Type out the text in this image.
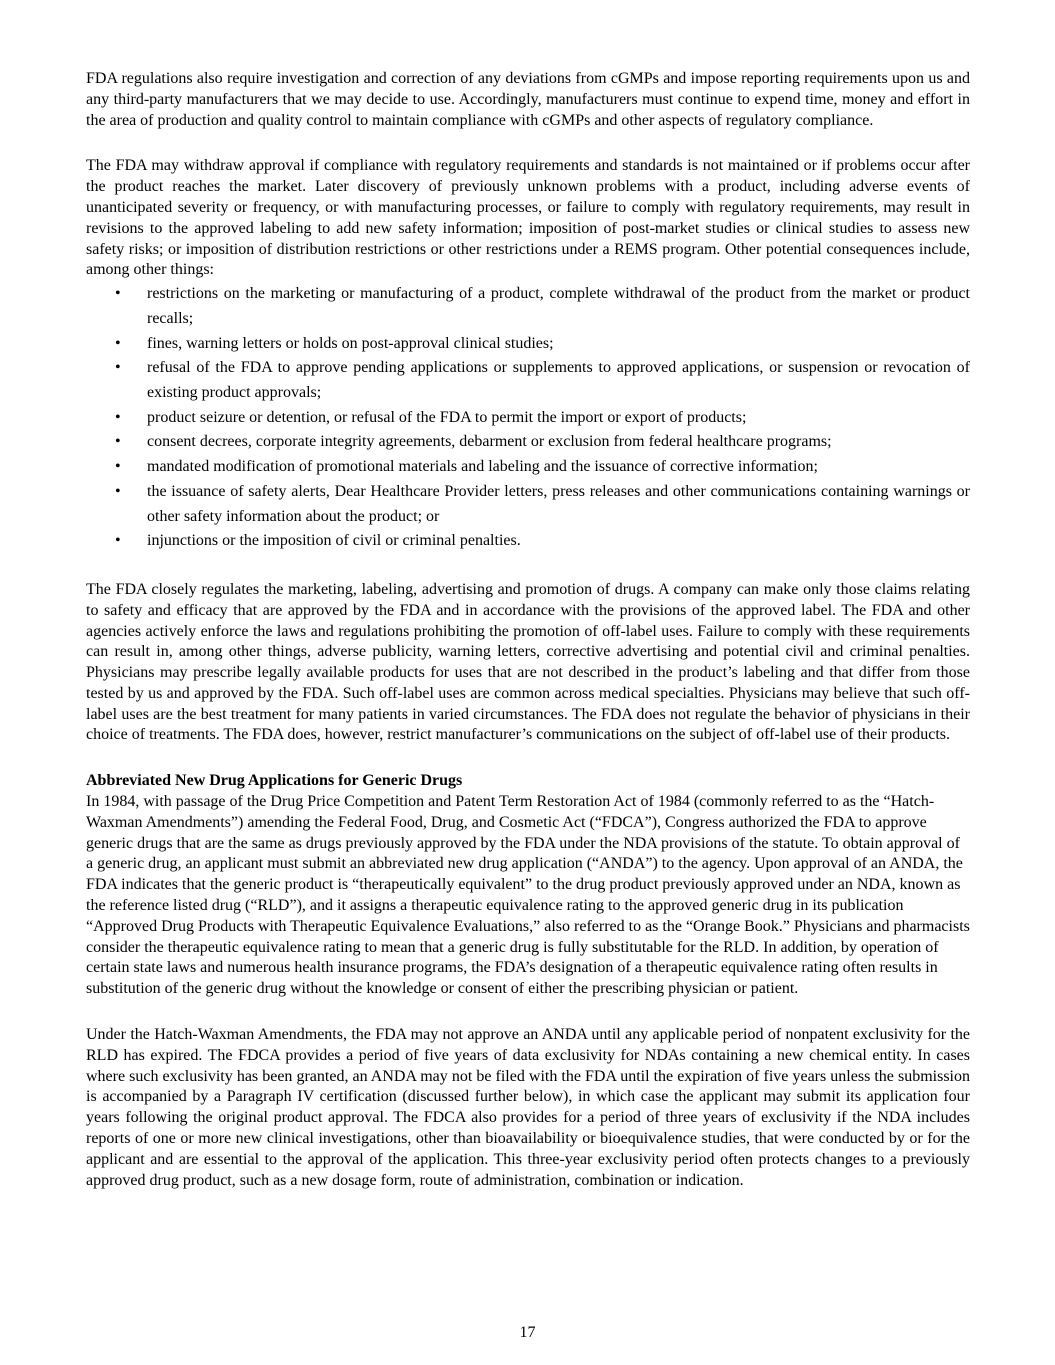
FDA regulations also require investigation and correction of any deviations from cGMPs and impose reporting requirements upon us and any third-party manufacturers that we may decide to use. Accordingly, manufacturers must continue to expend time, money and effort in the area of production and quality control to maintain compliance with cGMPs and other aspects of regulatory compliance.

The FDA may withdraw approval if compliance with regulatory requirements and standards is not maintained or if problems occur after the product reaches the market. Later discovery of previously unknown problems with a product, including adverse events of unanticipated severity or frequency, or with manufacturing processes, or failure to comply with regulatory requirements, may result in revisions to the approved labeling to add new safety information; imposition of post-market studies or clinical studies to assess new safety risks; or imposition of distribution restrictions or other restrictions under a REMS program. Other potential consequences include, among other things:

• restrictions on the marketing or manufacturing of a product, complete withdrawal of the product from the market or product recalls;
• fines, warning letters or holds on post-approval clinical studies;
• refusal of the FDA to approve pending applications or supplements to approved applications, or suspension or revocation of existing product approvals;
• product seizure or detention, or refusal of the FDA to permit the import or export of products;
• consent decrees, corporate integrity agreements, debarment or exclusion from federal healthcare programs;
• mandated modification of promotional materials and labeling and the issuance of corrective information;
• the issuance of safety alerts, Dear Healthcare Provider letters, press releases and other communications containing warnings or other safety information about the product; or
• injunctions or the imposition of civil or criminal penalties.

The FDA closely regulates the marketing, labeling, advertising and promotion of drugs. A company can make only those claims relating to safety and efficacy that are approved by the FDA and in accordance with the provisions of the approved label. The FDA and other agencies actively enforce the laws and regulations prohibiting the promotion of off-label uses. Failure to comply with these requirements can result in, among other things, adverse publicity, warning letters, corrective advertising and potential civil and criminal penalties. Physicians may prescribe legally available products for uses that are not described in the product’s labeling and that differ from those tested by us and approved by the FDA. Such off-label uses are common across medical specialties. Physicians may believe that such off-label uses are the best treatment for many patients in varied circumstances. The FDA does not regulate the behavior of physicians in their choice of treatments. The FDA does, however, restrict manufacturer’s communications on the subject of off-label use of their products.

Abbreviated New Drug Applications for Generic Drugs

In 1984, with passage of the Drug Price Competition and Patent Term Restoration Act of 1984 (commonly referred to as the “Hatch-Waxman Amendments”) amending the Federal Food, Drug, and Cosmetic Act (“FDCA”), Congress authorized the FDA to approve generic drugs that are the same as drugs previously approved by the FDA under the NDA provisions of the statute. To obtain approval of a generic drug, an applicant must submit an abbreviated new drug application (“ANDA”) to the agency. Upon approval of an ANDA, the FDA indicates that the generic product is “therapeutically equivalent” to the drug product previously approved under an NDA, known as the reference listed drug (“RLD”), and it assigns a therapeutic equivalence rating to the approved generic drug in its publication “Approved Drug Products with Therapeutic Equivalence Evaluations,” also referred to as the “Orange Book.” Physicians and pharmacists consider the therapeutic equivalence rating to mean that a generic drug is fully substitutable for the RLD. In addition, by operation of certain state laws and numerous health insurance programs, the FDA’s designation of a therapeutic equivalence rating often results in substitution of the generic drug without the knowledge or consent of either the prescribing physician or patient.

Under the Hatch-Waxman Amendments, the FDA may not approve an ANDA until any applicable period of nonpatent exclusivity for the RLD has expired. The FDCA provides a period of five years of data exclusivity for NDAs containing a new chemical entity. In cases where such exclusivity has been granted, an ANDA may not be filed with the FDA until the expiration of five years unless the submission is accompanied by a Paragraph IV certification (discussed further below), in which case the applicant may submit its application four years following the original product approval. The FDCA also provides for a period of three years of exclusivity if the NDA includes reports of one or more new clinical investigations, other than bioavailability or bioequivalence studies, that were conducted by or for the applicant and are essential to the approval of the application. This three-year exclusivity period often protects changes to a previously approved drug product, such as a new dosage form, route of administration, combination or indication.

17
